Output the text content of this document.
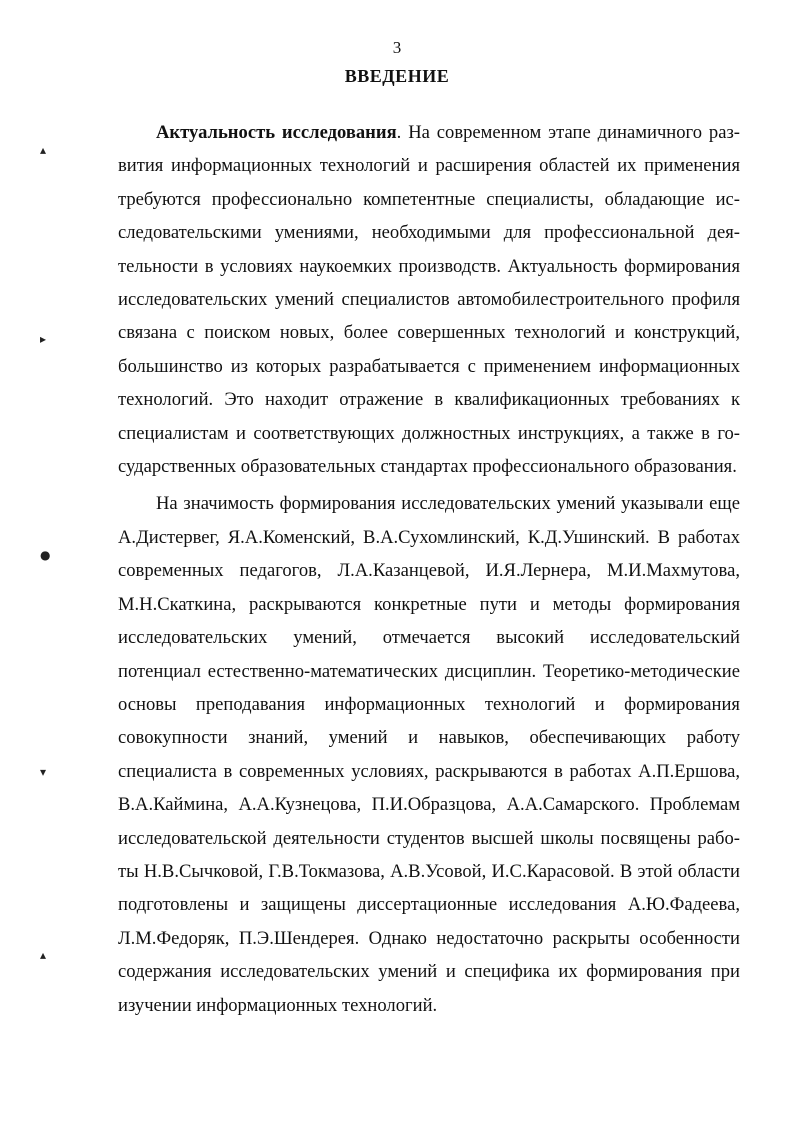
3
ВВЕДЕНИЕ

Актуальность исследования. На современном этапе динамичного развития информационных технологий и расширения областей их применения требуются профессионально компетентные специалисты, обладающие исследовательскими умениями, необходимыми для профессиональной деятельности в условиях наукоемких производств. Актуальность формирования исследовательских умений специалистов автомобилестроительного профиля связана с поиском новых, более совершенных технологий и конструкций, большинство из которых разрабатывается с применением информационных технологий. Это находит отражение в квалификационных требованиях к специалистам и соответствующих должностных инструкциях, а также в государственных образовательных стандартах профессионального образования.

На значимость формирования исследовательских умений указывали еще А.Дистервег, Я.А.Коменский, В.А.Сухомлинский, К.Д.Ушинский. В работах современных педагогов, Л.А.Казанцевой, И.Я.Лернера, М.И.Махмутова, М.Н.Скаткина, раскрываются конкретные пути и методы формирования исследовательских умений, отмечается высокий исследовательский потенциал естественно-математических дисциплин. Теоретико-методические основы преподавания информационных технологий и формирования совокупности знаний, умений и навыков, обеспечивающих работу специалиста в современных условиях, раскрываются в работах А.П.Ершова, В.А.Каймина, А.А.Кузнецова, П.И.Образцова, А.А.Самарского. Проблемам исследовательской деятельности студентов высшей школы посвящены работы Н.В.Сычковой, Г.В.Токмазова, А.В.Усовой, И.С.Карасовой. В этой области подготовлены и защищены диссертационные исследования А.Ю.Фадеева, Л.М.Федоряк, П.Э.Шендерея. Однако недостаточно раскрыты особенности содержания исследовательских умений и специфика их формирования при изучении информационных технологий.

▴
▸
●
▾
▴
